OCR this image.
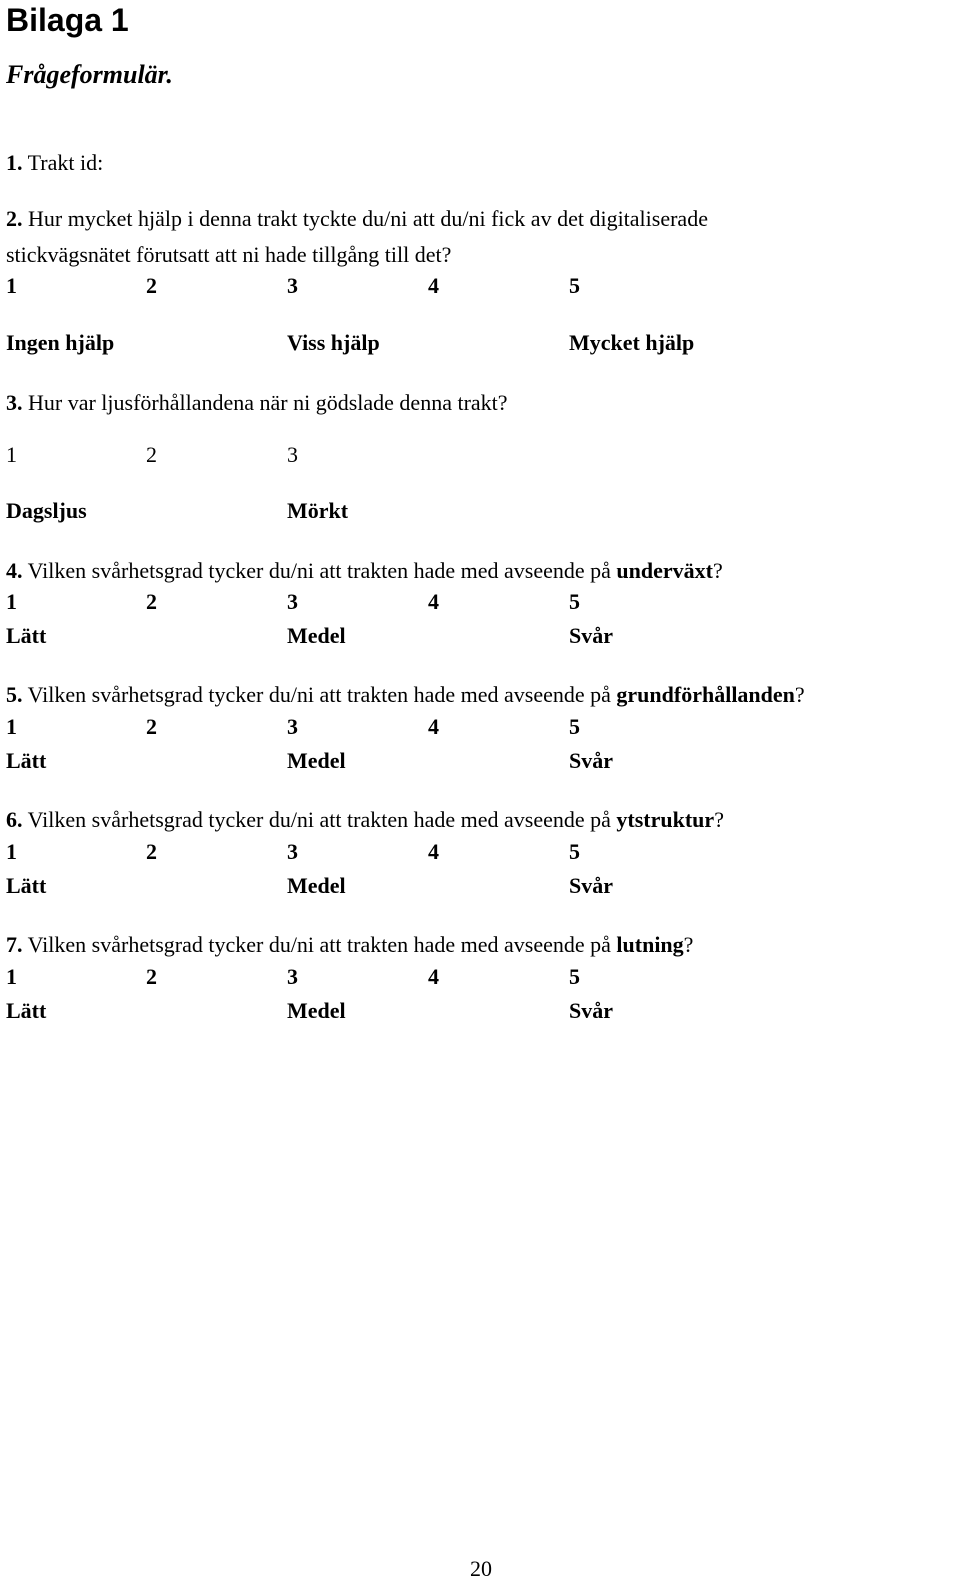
Bilaga 1
Frågeformulär.
1. Trakt id:
2. Hur mycket hjälp i denna trakt tyckte du/ni att du/ni fick av det digitaliserade
stickvägsnätet förutsatt att ni hade tillgång till det?
1	2	3	4	5
Ingen hjälp	Viss hjälp	Mycket hjälp
3. Hur var ljusförhållandena när ni gödslade denna trakt?
1	2	3
Dagsljus	Mörkt
4. Vilken svårhetsgrad tycker du/ni att trakten hade med avseende på underväxt?
1	2	3	4	5
Lätt	Medel	Svår
5. Vilken svårhetsgrad tycker du/ni att trakten hade med avseende på grundförhållanden?
1	2	3	4	5
Lätt	Medel	Svår
6. Vilken svårhetsgrad tycker du/ni att trakten hade med avseende på ytstruktur?
1	2	3	4	5
Lätt	Medel	Svår
7. Vilken svårhetsgrad tycker du/ni att trakten hade med avseende på lutning?
1	2	3	4	5
Lätt	Medel	Svår
20
